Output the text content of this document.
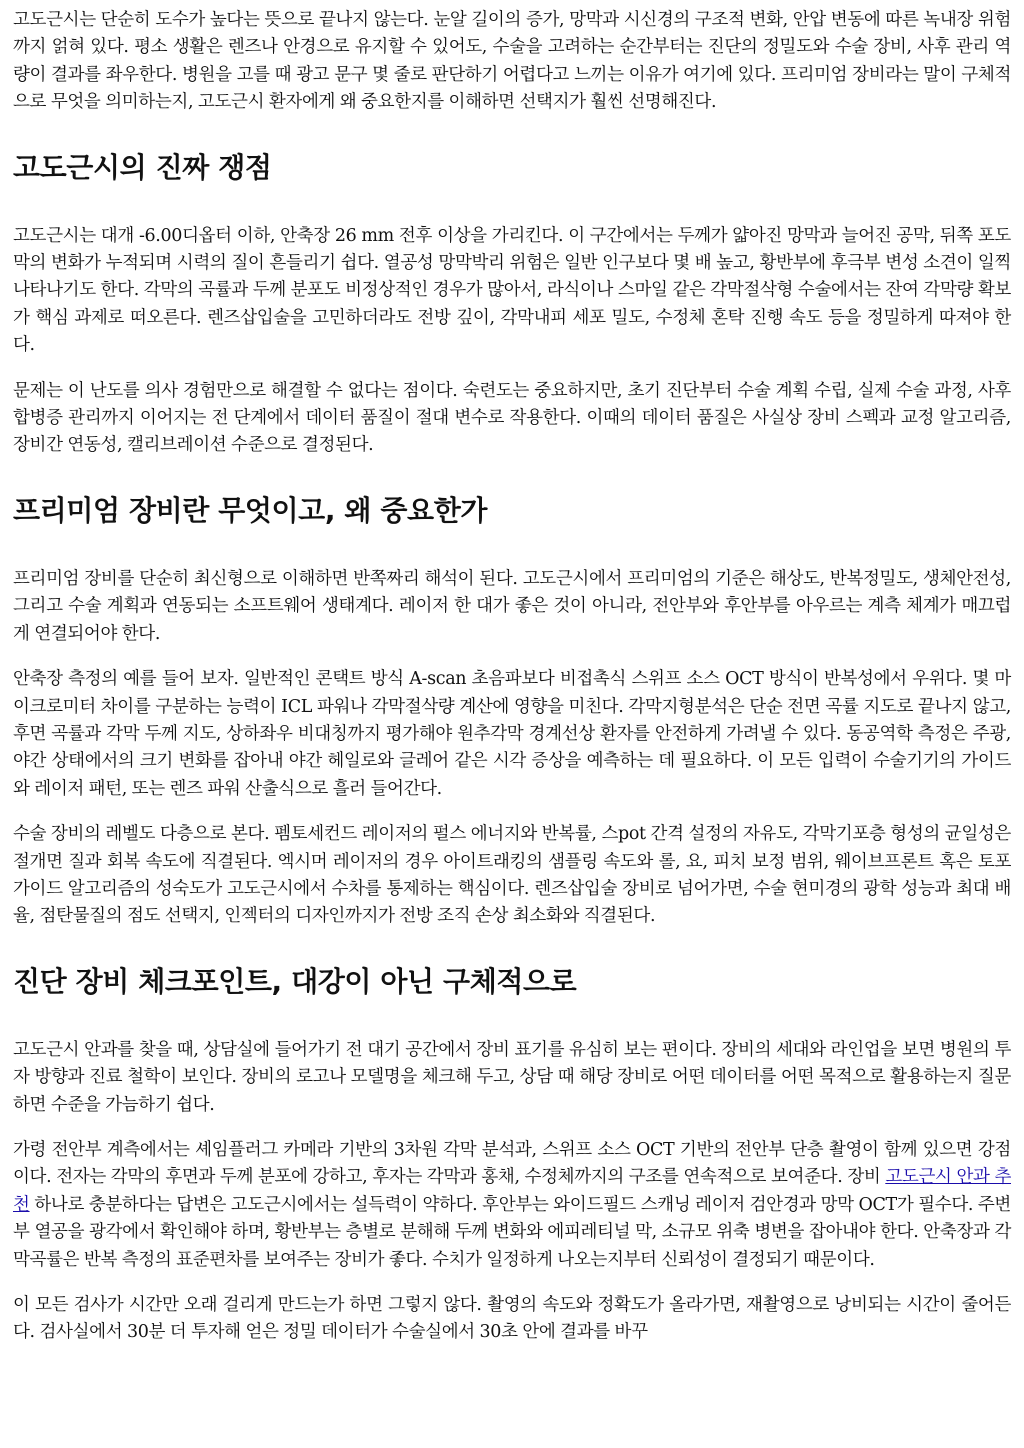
고도근시는 단순히 도수가 높다는 뜻으로 끝나지 않는다. 눈알 길이의 증가, 망막과 시신경의 구조적 변화, 안압 변동에 따른 녹내장 위험까지 얽혀 있다. 평소 생활은 렌즈나 안경으로 유지할 수 있어도, 수술을 고려하는 순간부터는 진단의 정밀도와 수술 장비, 사후 관리 역량이 결과를 좌우한다. 병원을 고를 때 광고 문구 몇 줄로 판단하기 어렵다고 느끼는 이유가 여기에 있다. 프리미엄 장비라는 말이 구체적으로 무엇을 의미하는지, 고도근시 환자에게 왜 중요한지를 이해하면 선택지가 훨씬 선명해진다.

고도근시의 진짜 쟁점

고도근시는 대개 -6.00디옵터 이하, 안축장 26 mm 전후 이상을 가리킨다. 이 구간에서는 두께가 얇아진 망막과 늘어진 공막, 뒤쪽 포도막의 변화가 누적되며 시력의 질이 흔들리기 쉽다. 열공성 망막박리 위험은 일반 인구보다 몇 배 높고, 황반부에 후극부 변성 소견이 일찍 나타나기도 한다. 각막의 곡률과 두께 분포도 비정상적인 경우가 많아서, 라식이나 스마일 같은 각막절삭형 수술에서는 잔여 각막량 확보가 핵심 과제로 떠오른다. 렌즈삽입술을 고민하더라도 전방 깊이, 각막내피 세포 밀도, 수정체 혼탁 진행 속도 등을 정밀하게 따져야 한다.

문제는 이 난도를 의사 경험만으로 해결할 수 없다는 점이다. 숙련도는 중요하지만, 초기 진단부터 수술 계획 수립, 실제 수술 과정, 사후 합병증 관리까지 이어지는 전 단계에서 데이터 품질이 절대 변수로 작용한다. 이때의 데이터 품질은 사실상 장비 스펙과 교정 알고리즘, 장비간 연동성, 캘리브레이션 수준으로 결정된다.

프리미엄 장비란 무엇이고, 왜 중요한가

프리미엄 장비를 단순히 최신형으로 이해하면 반쪽짜리 해석이 된다. 고도근시에서 프리미엄의 기준은 해상도, 반복정밀도, 생체안전성, 그리고 수술 계획과 연동되는 소프트웨어 생태계다. 레이저 한 대가 좋은 것이 아니라, 전안부와 후안부를 아우르는 계측 체계가 매끄럽게 연결되어야 한다.

안축장 측정의 예를 들어 보자. 일반적인 콘택트 방식 A-scan 초음파보다 비접촉식 스위프 소스 OCT 방식이 반복성에서 우위다. 몇 마이크로미터 차이를 구분하는 능력이 ICL 파워나 각막절삭량 계산에 영향을 미친다. 각막지형분석은 단순 전면 곡률 지도로 끝나지 않고, 후면 곡률과 각막 두께 지도, 상하좌우 비대칭까지 평가해야 원추각막 경계선상 환자를 안전하게 가려낼 수 있다. 동공역학 측정은 주광, 야간 상태에서의 크기 변화를 잡아내 야간 헤일로와 글레어 같은 시각 증상을 예측하는 데 필요하다. 이 모든 입력이 수술기기의 가이드와 레이저 패턴, 또는 렌즈 파워 산출식으로 흘러 들어간다.

수술 장비의 레벨도 다층으로 본다. 펨토세컨드 레이저의 펄스 에너지와 반복률, 스pot 간격 설정의 자유도, 각막기포층 형성의 균일성은 절개면 질과 회복 속도에 직결된다. 엑시머 레이저의 경우 아이트래킹의 샘플링 속도와 롤, 요, 피치 보정 범위, 웨이브프론트 혹은 토포가이드 알고리즘의 성숙도가 고도근시에서 수차를 통제하는 핵심이다. 렌즈삽입술 장비로 넘어가면, 수술 현미경의 광학 성능과 최대 배율, 점탄물질의 점도 선택지, 인젝터의 디자인까지가 전방 조직 손상 최소화와 직결된다.

진단 장비 체크포인트, 대강이 아닌 구체적으로

고도근시 안과를 찾을 때, 상담실에 들어가기 전 대기 공간에서 장비 표기를 유심히 보는 편이다. 장비의 세대와 라인업을 보면 병원의 투자 방향과 진료 철학이 보인다. 장비의 로고나 모델명을 체크해 두고, 상담 때 해당 장비로 어떤 데이터를 어떤 목적으로 활용하는지 질문하면 수준을 가늠하기 쉽다.

가령 전안부 계측에서는 셰임플러그 카메라 기반의 3차원 각막 분석과, 스위프 소스 OCT 기반의 전안부 단층 촬영이 함께 있으면 강점이다. 전자는 각막의 후면과 두께 분포에 강하고, 후자는 각막과 홍채, 수정체까지의 구조를 연속적으로 보여준다. 장비 고도근시 안과 추천 하나로 충분하다는 답변은 고도근시에서는 설득력이 약하다. 후안부는 와이드필드 스캐닝 레이저 검안경과 망막 OCT가 필수다. 주변부 열공을 광각에서 확인해야 하며, 황반부는 층별로 분해해 두께 변화와 에피레티널 막, 소규모 위축 병변을 잡아내야 한다. 안축장과 각막곡률은 반복 측정의 표준편차를 보여주는 장비가 좋다. 수치가 일정하게 나오는지부터 신뢰성이 결정되기 때문이다.

이 모든 검사가 시간만 오래 걸리게 만드는가 하면 그렇지 않다. 촬영의 속도와 정확도가 올라가면, 재촬영으로 낭비되는 시간이 줄어든다. 검사실에서 30분 더 투자해 얻은 정밀 데이터가 수술실에서 30초 안에 결과를 바꾸
